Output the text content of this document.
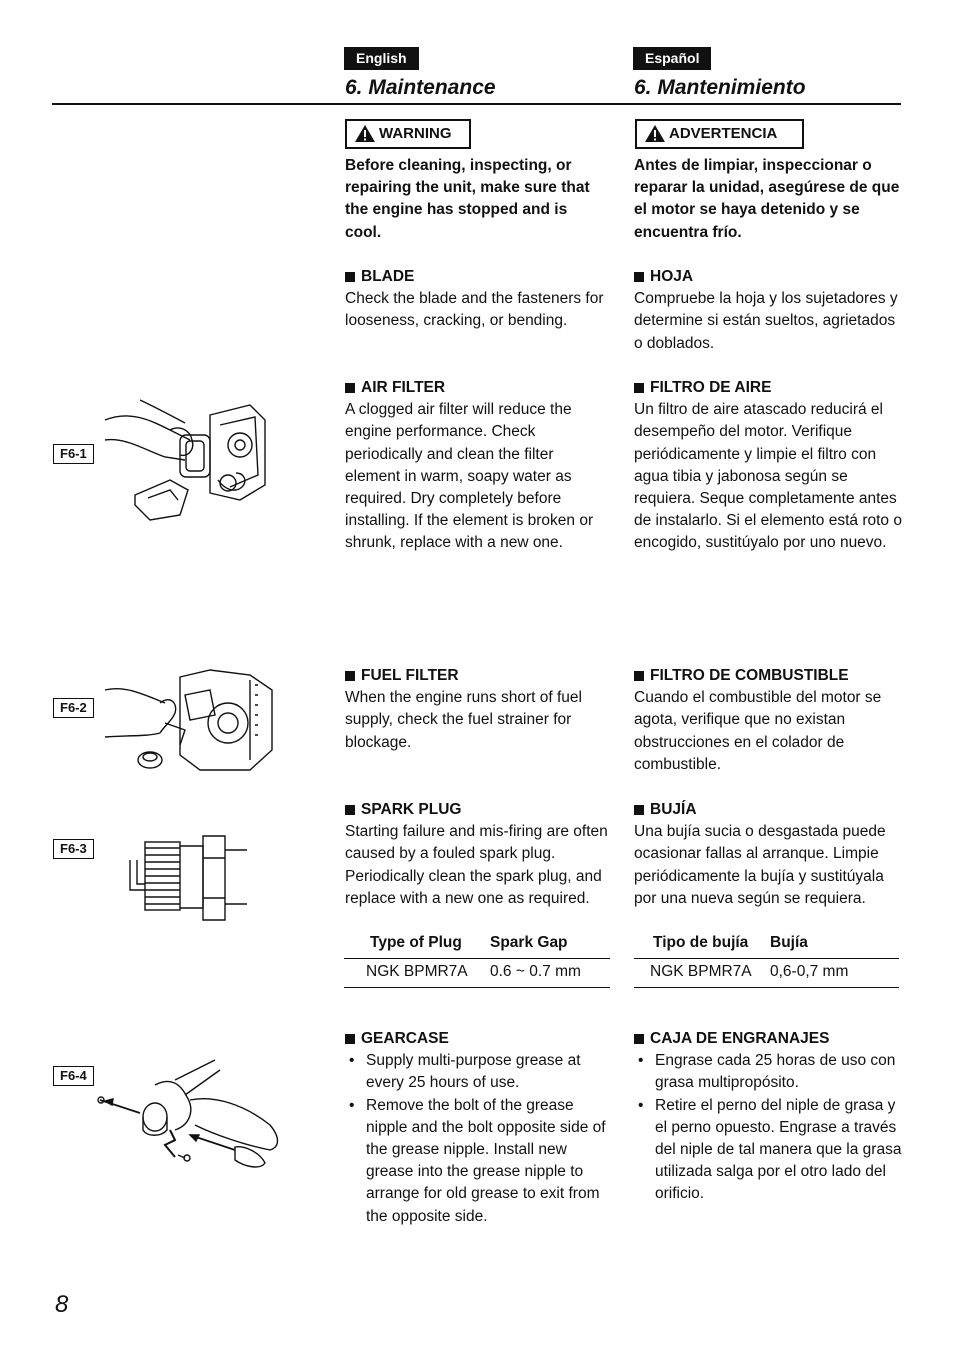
English	Español
6. Maintenance	6. Mantenimiento
WARNING	ADVERTENCIA
Before cleaning, inspecting, or repairing the unit, make sure that the engine has stopped and is cool.
Antes de limpiar, inspeccionar o reparar la unidad, asegúrese de que el motor se haya detenido y se encuentra frío.
BLADE
Check the blade and the fasteners for looseness, cracking, or bending.
HOJA
Compruebe la hoja y los sujetadores y determine si están sueltos, agrietados o doblados.
AIR FILTER
A clogged air filter will reduce the engine performance. Check periodically and clean the filter element in warm, soapy water as required. Dry completely before installing. If the element is broken or shrunk, replace with a new one.
FILTRO DE AIRE
Un filtro de aire atascado reducirá el desempeño del motor. Verifique periódicamente y limpie el filtro con agua tibia y jabonosa según se requiera. Seque completamente antes de instalarlo. Si el elemento está roto o encogido, sustitúyalo por uno nuevo.
FUEL FILTER
When the engine runs short of fuel supply, check the fuel strainer for blockage.
FILTRO DE COMBUSTIBLE
Cuando el combustible del motor se agota, verifique que no existan obstrucciones en el colador de combustible.
SPARK PLUG
Starting failure and mis-firing are often caused by a fouled spark plug. Periodically clean the spark plug, and replace with a new one as required.
BUJÍA
Una bujía sucia o desgastada puede ocasionar fallas al arranque. Limpie periódicamente la bujía y sustitúyala por una nueva según se requiera.
Type of Plug	Spark Gap
NGK BPMR7A	0.6 ~ 0.7 mm
Tipo de bujía	Bujía
NGK BPMR7A	0,6-0,7 mm
GEARCASE
• Supply multi-purpose grease at every 25 hours of use.
• Remove the bolt of the grease nipple and the bolt opposite side of the grease nipple. Install new grease into the grease nipple to arrange for old grease to exit from the opposite side.
CAJA DE ENGRANAJES
• Engrase cada 25 horas de uso con grasa multipropósito.
• Retire el perno del niple de grasa y el perno opuesto. Engrase a través del niple de tal manera que la grasa utilizada salga por el otro lado del orificio.
F6-1
F6-2
F6-3
F6-4
8
